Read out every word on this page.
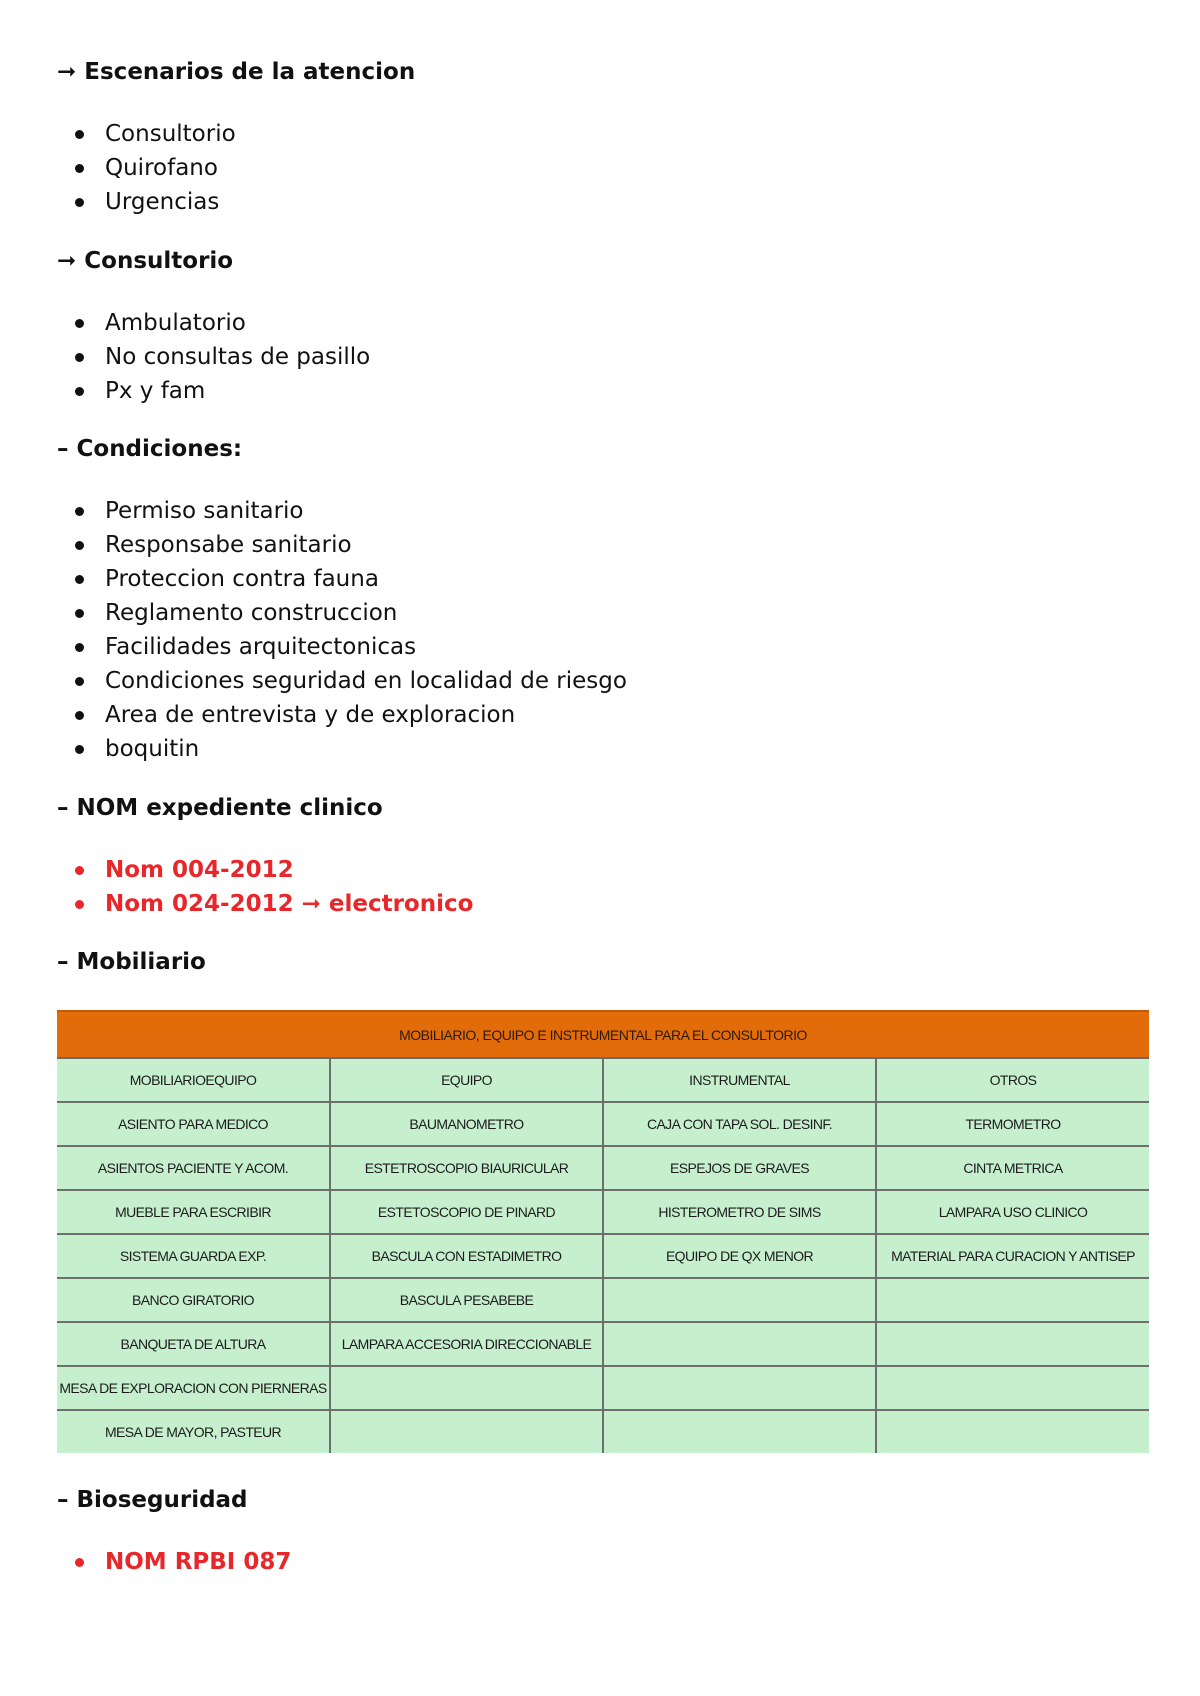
➞ Escenarios de la atencion
Consultorio
Quirofano
Urgencias
➞ Consultorio
Ambulatorio
No consultas de pasillo
Px y fam
– Condiciones:
Permiso sanitario
Responsabe sanitario
Proteccion contra fauna
Reglamento construccion
Facilidades arquitectonicas
Condiciones seguridad en localidad de riesgo
Area de entrevista y de exploracion
boquitin
– NOM expediente clinico
Nom 004-2012
Nom 024-2012 ➞ electronico
– Mobiliario
MOBILIARIO, EQUIPO E INSTRUMENTAL PARA EL CONSULTORIO			
MOBILIARIOEQUIPO	EQUIPO	INSTRUMENTAL	OTROS
ASIENTO PARA MEDICO	BAUMANOMETRO	CAJA CON TAPA SOL. DESINF.	TERMOMETRO
ASIENTOS PACIENTE Y ACOM.	ESTETROSCOPIO BIAURICULAR	ESPEJOS DE GRAVES	CINTA METRICA
MUEBLE PARA ESCRIBIR	ESTETOSCOPIO DE PINARD	HISTEROMETRO DE SIMS	LAMPARA USO CLINICO
SISTEMA GUARDA EXP.	BASCULA CON ESTADIMETRO	EQUIPO DE QX MENOR	MATERIAL PARA CURACION Y ANTISEP
BANCO GIRATORIO	BASCULA PESABEBE		
BANQUETA DE ALTURA	LAMPARA ACCESORIA DIRECCIONABLE		
MESA DE EXPLORACION CON PIERNERAS			
MESA DE MAYOR, PASTEUR			
– Bioseguridad
NOM RPBI 087
